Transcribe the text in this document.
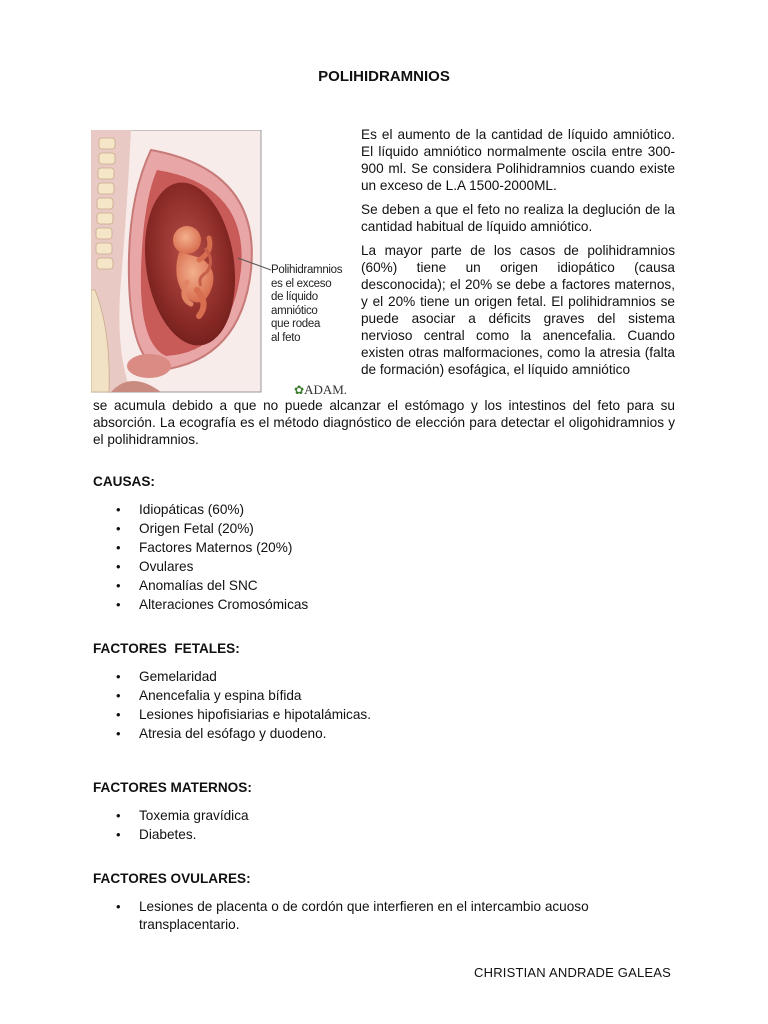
POLIHIDRAMNIOS
Polihidramnios
es el exceso
de líquido
amniótico
que rodea
al feto
✿ADAM.

Es el aumento de la cantidad de líquido amniótico. El líquido amniótico normalmente oscila entre 300-900 ml. Se considera Polihidramnios cuando existe un exceso de L.A 1500-2000ML.

Se deben a que el feto no realiza la deglución de la cantidad habitual de líquido amniótico.

La mayor parte de los casos de polihidramnios (60%) tiene un origen idiopático (causa desconocida); el 20% se debe a factores maternos, y el 20% tiene un origen fetal. El polihidramnios se puede asociar a déficits graves del sistema nervioso central como la anencefalia. Cuando existen otras malformaciones, como la atresia (falta de formación) esofágica, el líquido amniótico

se acumula debido a que no puede alcanzar el estómago y los intestinos del feto para su absorción. La ecografía es el método diagnóstico de elección para detectar el oligohidramnios y el polihidramnios.
CAUSAS:
• Idiopáticas (60%)
• Origen Fetal (20%)
• Factores Maternos (20%)
• Ovulares
• Anomalías del SNC
• Alteraciones Cromosómicas
FACTORES  FETALES:
• Gemelaridad
• Anencefalia y espina bífida
• Lesiones hipofisiarias e hipotalámicas.
• Atresia del esófago y duodeno.
FACTORES MATERNOS:
• Toxemia gravídica
• Diabetes.
FACTORES OVULARES:
• Lesiones de placenta o de cordón que interfieren en el intercambio acuoso transplacentario.
CHRISTIAN ANDRADE GALEAS
